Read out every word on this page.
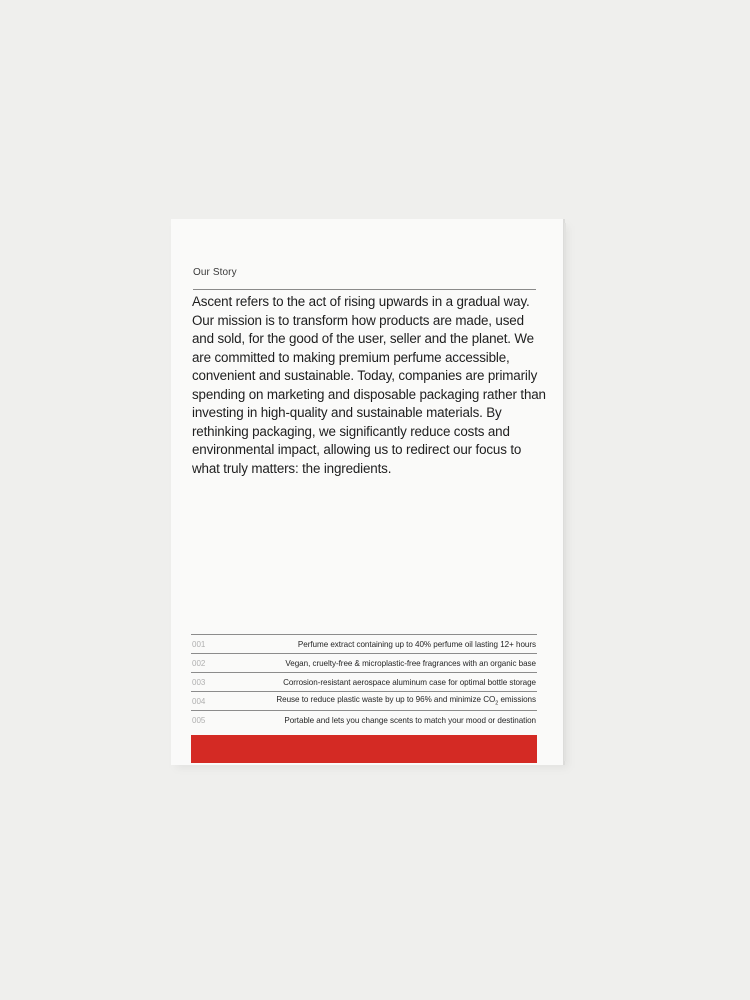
Our Story

Ascent refers to the act of rising upwards in a gradual way. Our mission is to transform how products are made, used and sold, for the good of the user, seller and the planet. We are committed to making premium perfume accessible, convenient and sustainable. Today, companies are primarily spending on marketing and disposable packaging rather than investing in high-quality and sustainable materials. By rethinking packaging, we significantly reduce costs and environmental impact, allowing us to redirect our focus to what truly matters: the ingredients.

001	Perfume extract containing up to 40% perfume oil lasting 12+ hours
002	Vegan, cruelty-free & microplastic-free fragrances with an organic base
003	Corrosion-resistant aerospace aluminum case for optimal bottle storage
004	Reuse to reduce plastic waste by up to 96% and minimize $CO_2$ emissions
005	Portable and lets you change scents to match your mood or destination
